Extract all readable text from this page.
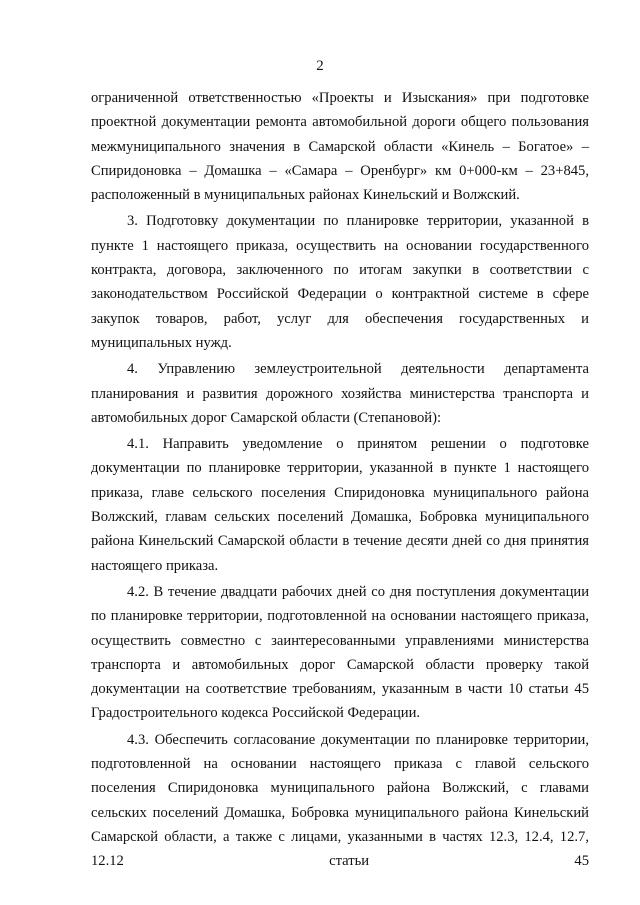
2

ограниченной ответственностью «Проекты и Изыскания» при подготовке проектной документации ремонта автомобильной дороги общего пользования межмуниципального значения в Самарской области «Кинель – Богатое» – Спиридоновка – Домашка – «Самара – Оренбург» км 0+000-км – 23+845, расположенный в муниципальных районах Кинельский и Волжский.

3. Подготовку документации по планировке территории, указанной в пункте 1 настоящего приказа, осуществить на основании государственного контракта, договора, заключенного по итогам закупки в соответствии с законодательством Российской Федерации о контрактной системе в сфере закупок товаров, работ, услуг для обеспечения государственных и муниципальных нужд.

4. Управлению землеустроительной деятельности департамента планирования и развития дорожного хозяйства министерства транспорта и автомобильных дорог Самарской области (Степановой):

4.1. Направить уведомление о принятом решении о подготовке документации по планировке территории, указанной в пункте 1 настоящего приказа, главе сельского поселения Спиридоновка муниципального района Волжский, главам сельских поселений Домашка, Бобровка муниципального района Кинельский Самарской области в течение десяти дней со дня принятия настоящего приказа.

4.2. В течение двадцати рабочих дней со дня поступления документации по планировке территории, подготовленной на основании настоящего приказа, осуществить совместно с заинтересованными управлениями министерства транспорта и автомобильных дорог Самарской области проверку такой документации на соответствие требованиям, указанным в части 10 статьи 45 Градостроительного кодекса Российской Федерации.

4.3. Обеспечить согласование документации по планировке территории, подготовленной на основании настоящего приказа с главой сельского поселения Спиридоновка муниципального района Волжский, с главами сельских поселений Домашка, Бобровка муниципального района Кинельский Самарской области, а также с лицами, указанными в частях 12.3, 12.4, 12.7, 12.12 статьи 45
